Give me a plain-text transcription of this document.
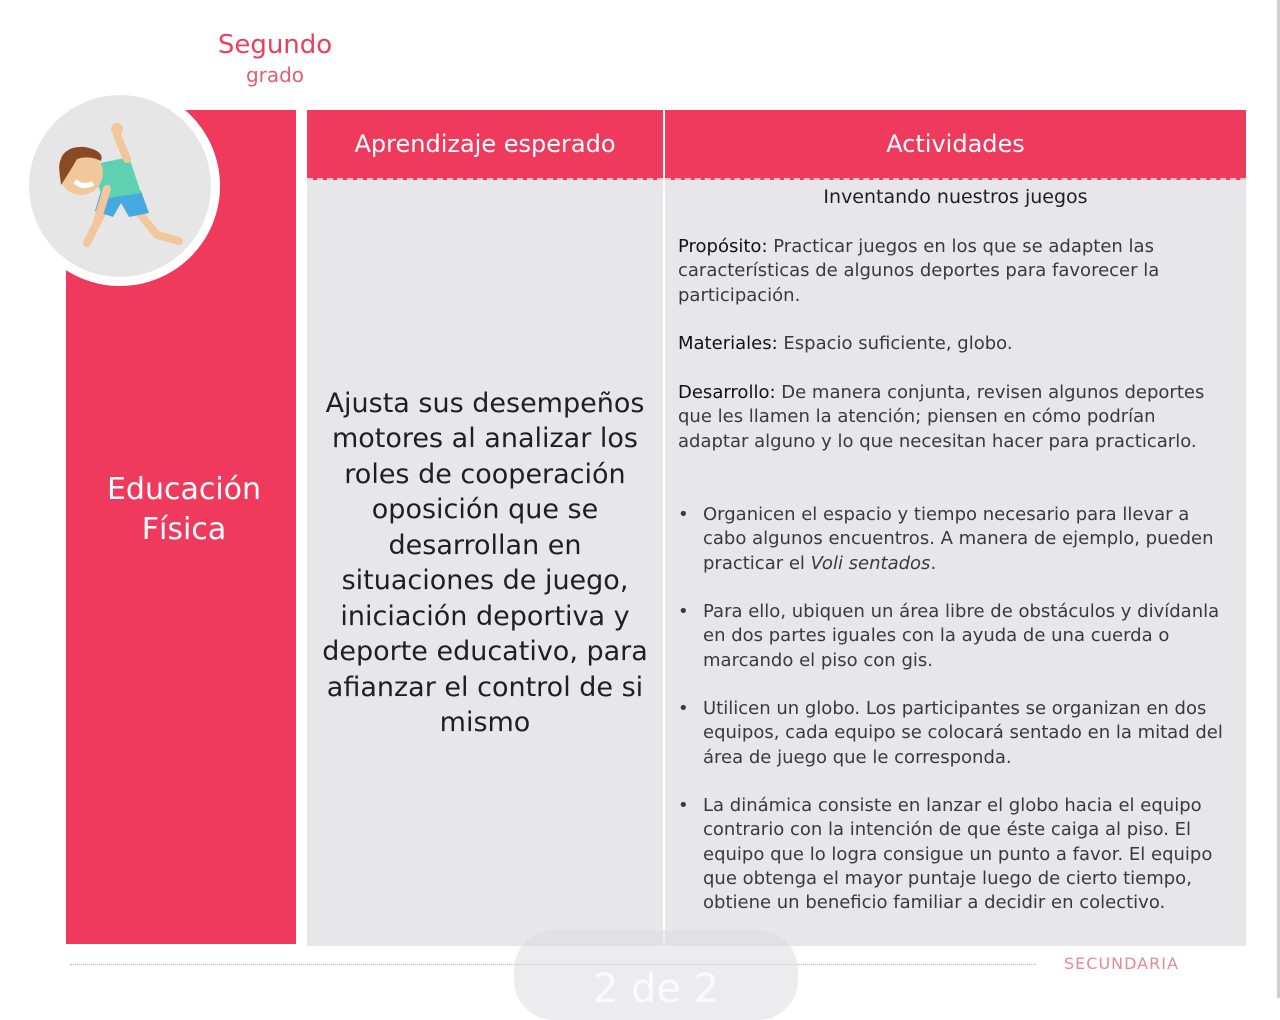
Segundo
grado
Educación
Física
Aprendizaje esperado	Actividades
Ajusta sus desempeños motores al analizar los roles de cooperación oposición que se desarrollan en situaciones de juego, iniciación deportiva y deporte educativo, para afianzar el control de si mismo
Inventando nuestros juegos
Propósito: Practicar juegos en los que se adapten las características de algunos deportes para favorecer la participación.
Materiales: Espacio suficiente, globo.
Desarrollo: De manera conjunta, revisen algunos deportes que les llamen la atención; piensen en cómo podrían adaptar alguno y lo que necesitan hacer para practicarlo.
• Organicen el espacio y tiempo necesario para llevar a cabo algunos encuentros. A manera de ejemplo, pueden practicar el Voli sentados.
• Para ello, ubiquen un área libre de obstáculos y divídanla en dos partes iguales con la ayuda de una cuerda o marcando el piso con gis.
• Utilicen un globo. Los participantes se organizan en dos equipos, cada equipo se colocará sentado en la mitad del área de juego que le corresponda.
• La dinámica consiste en lanzar el globo hacia el equipo contrario con la intención de que éste caiga al piso. El equipo que lo logra consigue un punto a favor. El equipo que obtenga el mayor puntaje luego de cierto tiempo, obtiene un beneficio familiar a decidir en colectivo.
SECUNDARIA
2 de 2
